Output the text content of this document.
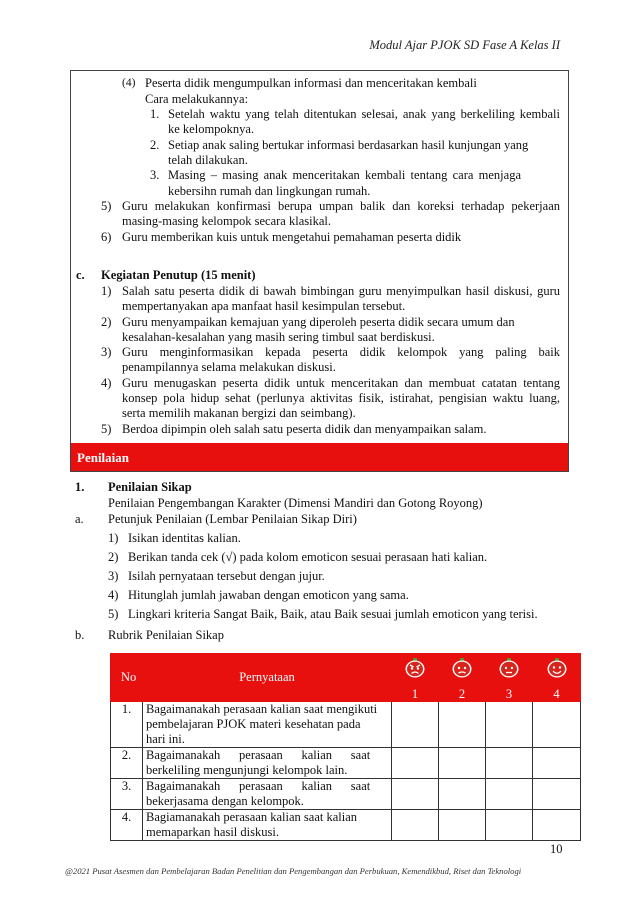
Modul Ajar PJOK SD Fase A Kelas II
(4) Peserta didik mengumpulkan informasi dan menceritakan kembali
Cara melakukannya:
1. Setelah waktu yang telah ditentukan selesai, anak yang berkeliling kembali
ke kelompoknya.
2. Setiap anak saling bertukar informasi berdasarkan hasil kunjungan yang
telah dilakukan.
3. Masing – masing anak menceritakan kembali tentang cara menjaga
kebersihn rumah dan lingkungan rumah.
5) Guru melakukan konfirmasi berupa umpan balik dan koreksi terhadap pekerjaan
masing-masing kelompok secara klasikal.
6) Guru memberikan kuis untuk mengetahui pemahaman peserta didik
c. Kegiatan Penutup (15 menit)
1) Salah satu peserta didik di bawah bimbingan guru menyimpulkan hasil diskusi, guru
mempertanyakan apa manfaat hasil kesimpulan tersebut.
2) Guru menyampaikan kemajuan yang diperoleh peserta didik secara umum dan
kesalahan-kesalahan yang masih sering timbul saat berdiskusi.
3) Guru menginformasikan kepada peserta didik kelompok yang paling baik
penampilannya selama melakukan diskusi.
4) Guru menugaskan peserta didik untuk menceritakan dan membuat catatan tentang
konsep pola hidup sehat (perlunya aktivitas fisik, istirahat, pengisian waktu luang,
serta memilih makanan bergizi dan seimbang).
5) Berdoa dipimpin oleh salah satu peserta didik dan menyampaikan salam.
Penilaian
1. Penilaian Sikap
Penilaian Pengembangan Karakter (Dimensi Mandiri dan Gotong Royong)
a. Petunjuk Penilaian (Lembar Penilaian Sikap Diri)
1) Isikan identitas kalian.
2) Berikan tanda cek (√) pada kolom emoticon sesuai perasaan hati kalian.
3) Isilah pernyataan tersebut dengan jujur.
4) Hitunglah jumlah jawaban dengan emoticon yang sama.
5) Lingkari kriteria Sangat Baik, Baik, atau Baik sesuai jumlah emoticon yang terisi.
b. Rubrik Penilaian Sikap
No	Pernyataan				
		1	2	3	4
1.	Bagaimanakah perasaan kalian saat mengikuti
pembelajaran PJOK materi kesehatan pada
hari ini.				

2.	Bagaimanakah      perasaan      kalian      saat
berkeliling mengunjungi kelompok lain.				

3.	Bagaimanakah      perasaan      kalian      saat
bekerjasama dengan kelompok.				

4.	Bagiamanakah perasaan kalian saat kalian
memaparkan hasil diskusi.				

10
@2021 Pusat Asesmen dan Pembelajaran Badan Penelitian dan Pengembangan dan Perbukuan, Kemendikbud, Riset dan Teknologi
